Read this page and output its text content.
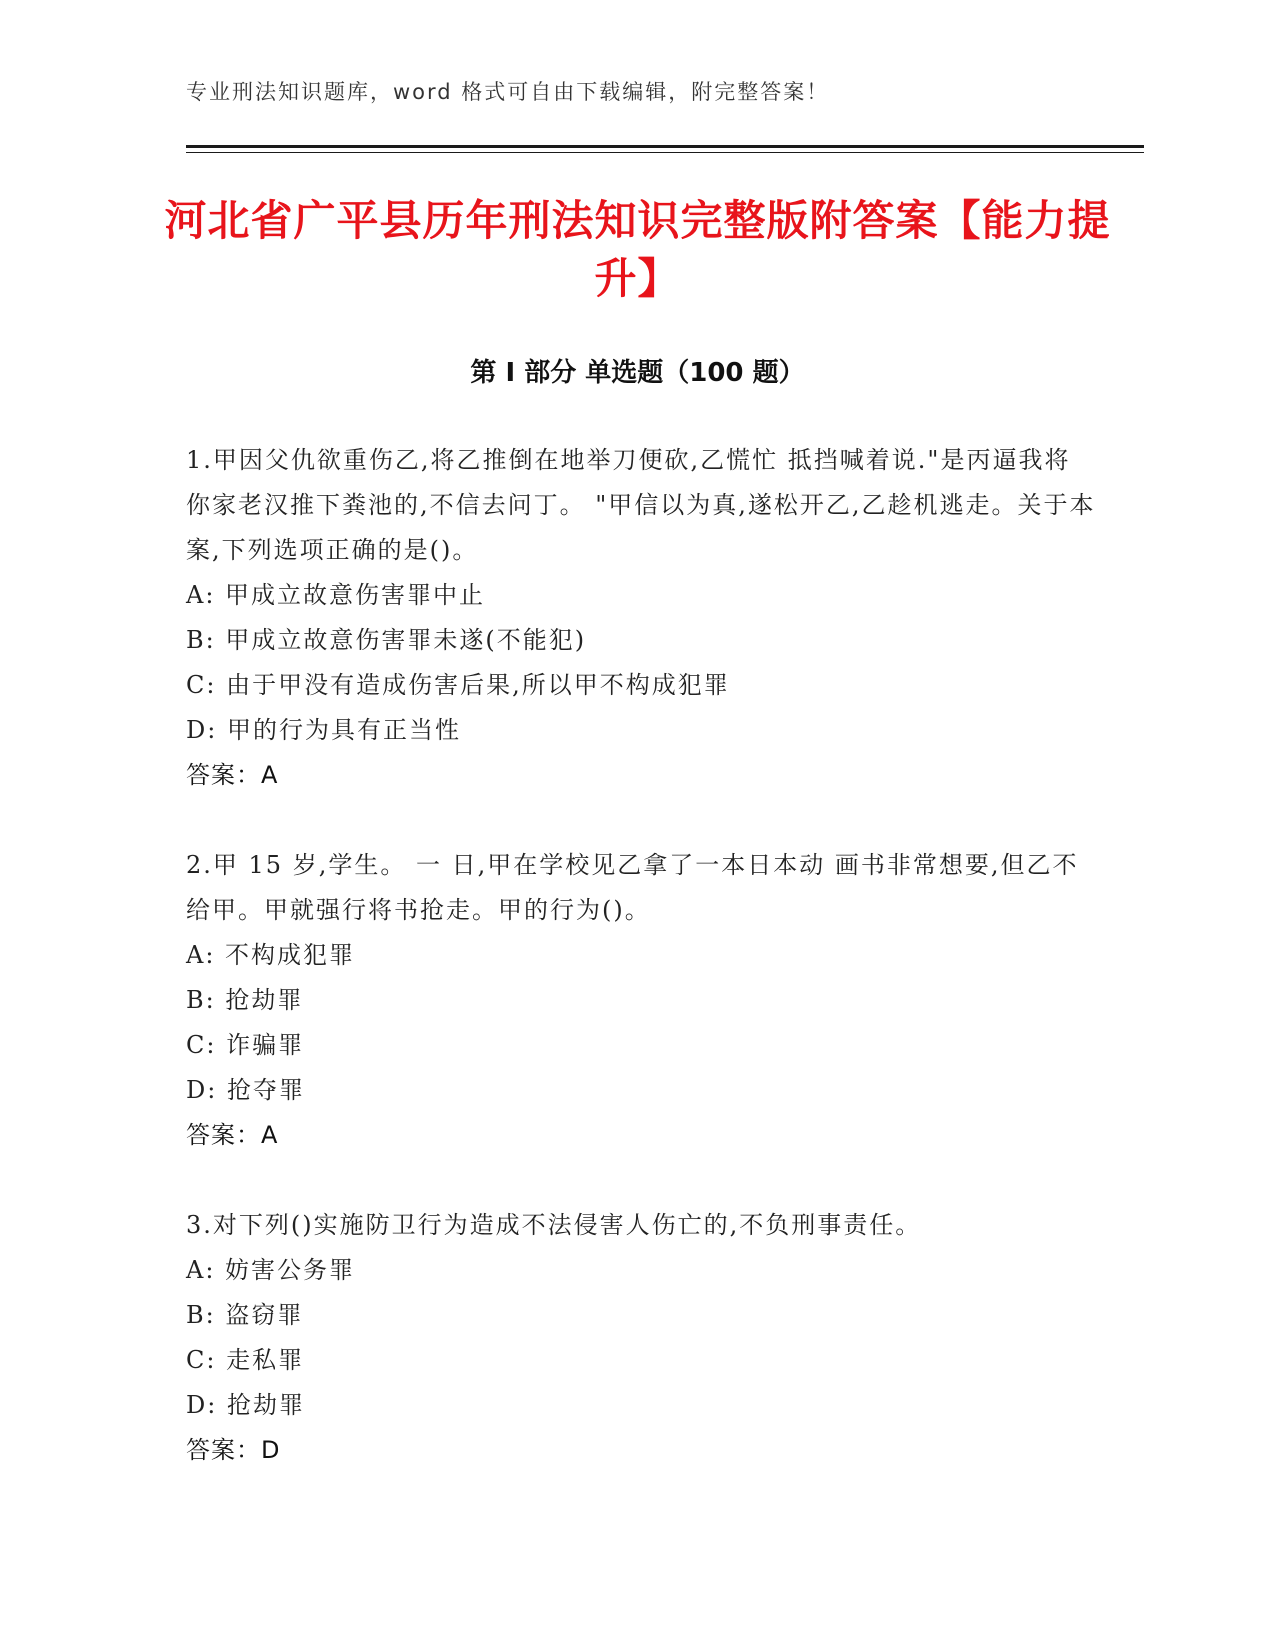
专业刑法知识题库，word 格式可自由下载编辑，附完整答案！
河北省广平县历年刑法知识完整版附答案【能力提升】
第 I 部分 单选题（100 题）
1.甲因父仇欲重伤乙,将乙推倒在地举刀便砍,乙慌忙 抵挡喊着说."是丙逼我将你家老汉推下粪池的,不信去问丁。 "甲信以为真,遂松开乙,乙趁机逃走。关于本案,下列选项正确的是()。
A: 甲成立故意伤害罪中止
B: 甲成立故意伤害罪未遂(不能犯)
C: 由于甲没有造成伤害后果,所以甲不构成犯罪
D: 甲的行为具有正当性
答案：A
2.甲 15 岁,学生。 一 日,甲在学校见乙拿了一本日本动 画书非常想要,但乙不给甲。甲就强行将书抢走。甲的行为()。
A: 不构成犯罪
B: 抢劫罪
C: 诈骗罪
D: 抢夺罪
答案：A
3.对下列()实施防卫行为造成不法侵害人伤亡的,不负刑事责任。
A: 妨害公务罪
B: 盗窃罪
C: 走私罪
D: 抢劫罪
答案：D
